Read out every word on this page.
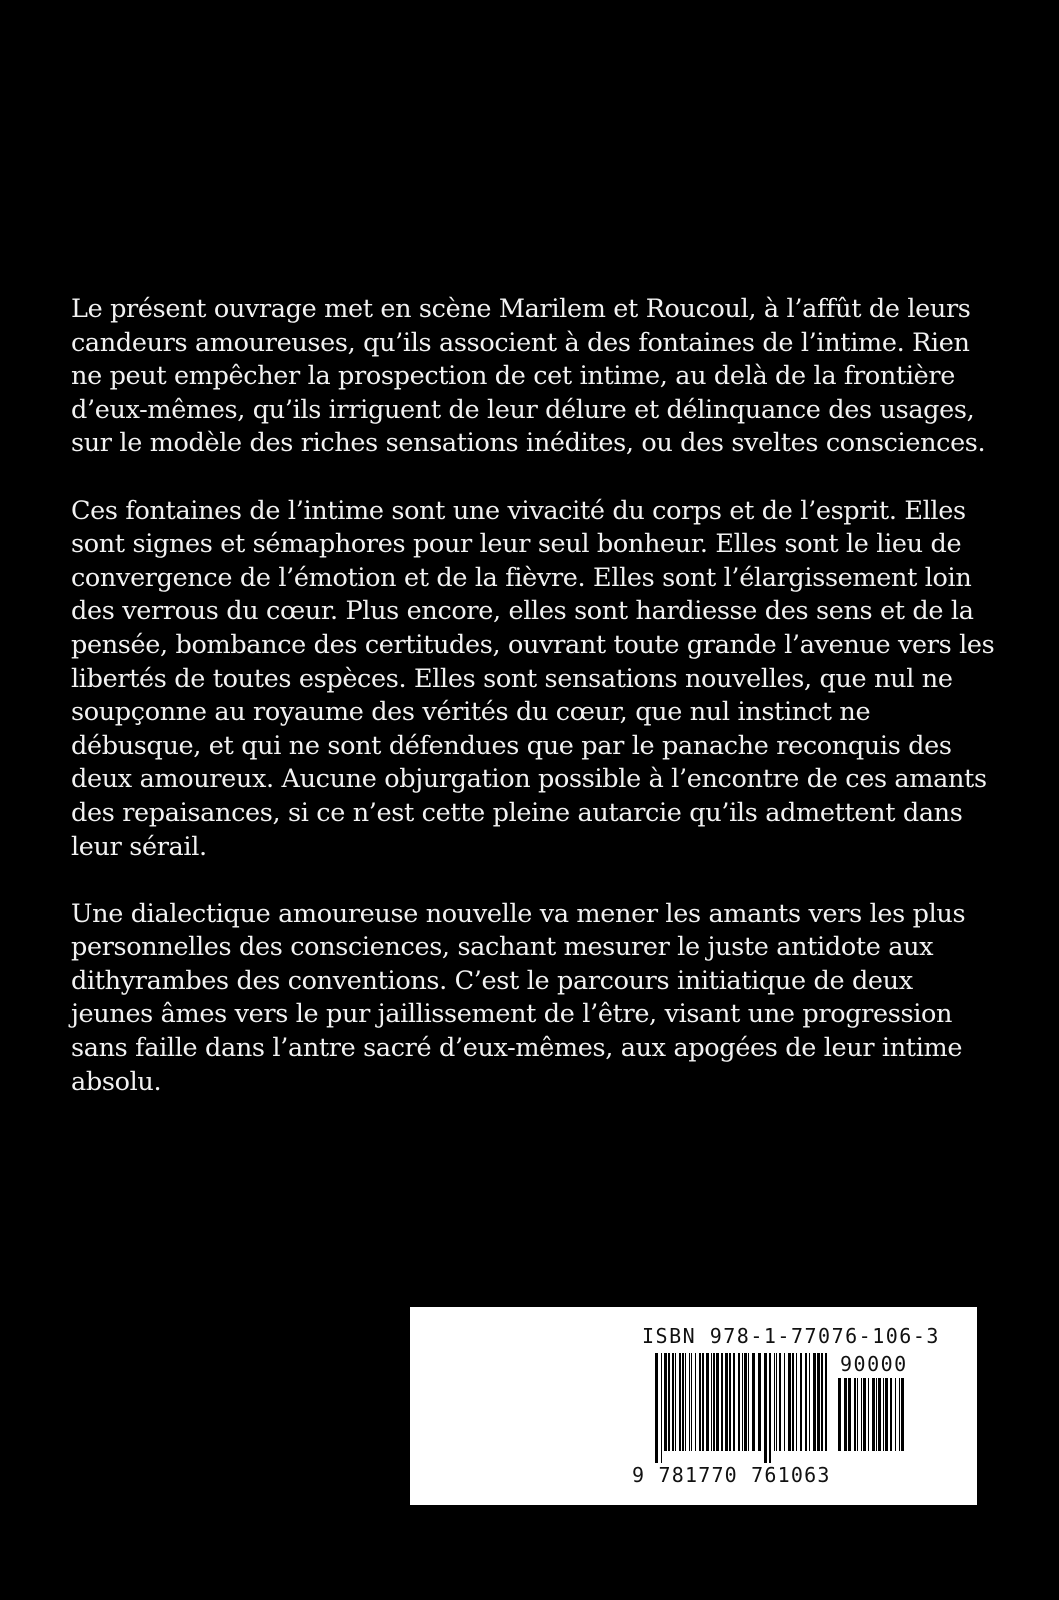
Le présent ouvrage met en scène Marilem et Roucoul, à l’affût de leurs candeurs amoureuses, qu’ils associent à des fontaines de l’intime. Rien ne peut empêcher la prospection de cet intime, au delà de la frontière d’eux-mêmes, qu’ils irriguent de leur délure et délinquance des usages, sur le modèle des riches sensations inédites, ou des sveltes consciences.

Ces fontaines de l’intime sont une vivacité du corps et de l’esprit. Elles sont signes et sémaphores pour leur seul bonheur. Elles sont le lieu de convergence de l’émotion et de la fièvre. Elles sont l’élargissement loin des verrous du cœur. Plus encore, elles sont hardiesse des sens et de la pensée, bombance des certitudes, ouvrant toute grande l’avenue vers les libertés de toutes espèces. Elles sont sensations nouvelles, que nul ne soupçonne au royaume des vérités du cœur, que nul instinct ne débusque, et qui ne sont défendues que par le panache reconquis des deux amoureux. Aucune objurgation possible à l’encontre de ces amants des repaisances, si ce n’est cette pleine autarcie qu’ils admettent dans leur sérail.

Une dialectique amoureuse nouvelle va mener les amants vers les plus personnelles des consciences, sachant mesurer le juste antidote aux dithyrambes des conventions. C’est le parcours initiatique de deux jeunes âmes vers le pur jaillissement de l’être, visant une progression sans faille dans l’antre sacré d’eux-mêmes, aux apogées de leur intime absolu.

ISBN 978-1-77076-106-3
90000
9 781770 761063
